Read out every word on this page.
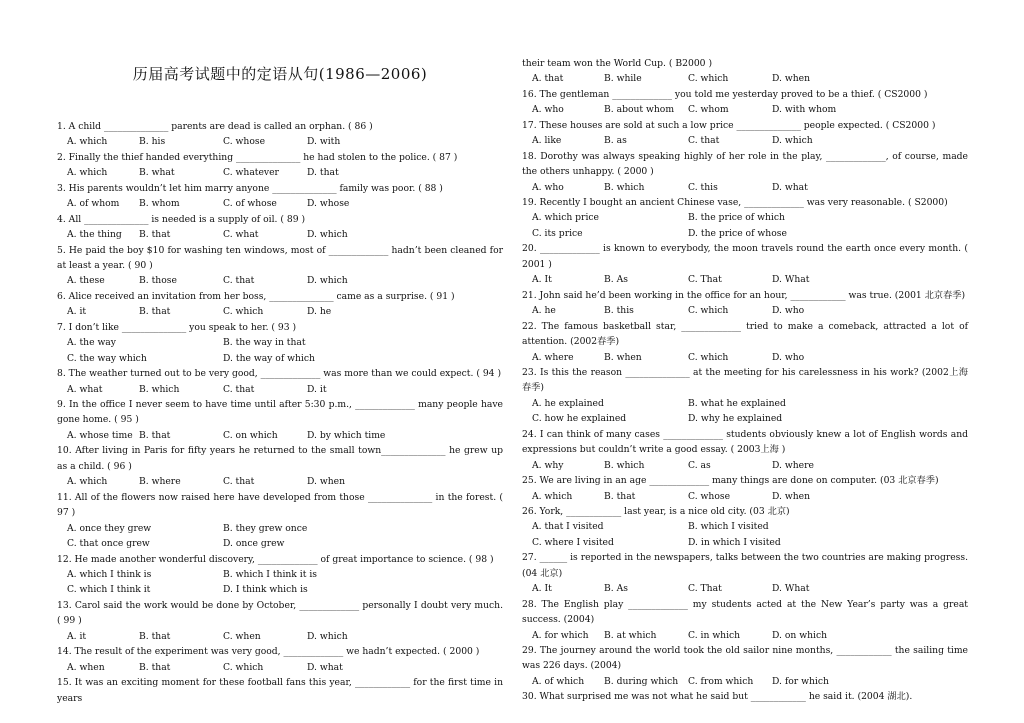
历届高考试题中的定语从句(1986—2006)
1. A child ______________ parents are dead is called an orphan. ( 86 )
A. which	B. his	C. whose	D. with
2. Finally the thief handed everything ______________ he had stolen to the police. ( 87 )
A. which	B. what	C. whatever	D. that
3. His parents wouldn’t let him marry anyone ______________ family was poor. ( 88 )
A. of whom B. whom	C. of whose	D. whose
4. All ______________ is needed is a supply of oil. ( 89 )
A. the thing B. that	C. what	D. which
5. He paid the boy $10 for washing ten windows, most of _____________ hadn’t been cleaned for at least a year. ( 90 )
A. these	B. those	C. that	D. which
6. Alice received an invitation from her boss, ______________ came as a surprise. ( 91 )
A. it	B. that	C. which	D. he
7. I don’t like ______________ you speak to her. ( 93 )
A. the way	B. the way in that
C. the way which	D. the way of which
8. The weather turned out to be very good, _____________ was more than we could expect. ( 94 )
A. what	B. which	C. that	D. it
9. In the office I never seem to have time until after 5:30 p.m., _____________ many people have gone home. ( 95 )
A. whose time B. that	C. on which	D. by which time
10. After living in Paris for fifty years he returned to the small town______________ he grew up as a child. ( 96 )
A. which	B. where	C. that	D. when
11. All of the flowers now raised here have developed from those ______________ in the forest. ( 97 )
A. once they grew	B. they grew once
C. that once grew	D. once grew
12. He made another wonderful discovery, _____________ of great importance to science. ( 98 )
A. which I think is	B. which I think it is
C. which I think it	D. I think which is
13. Carol said the work would be done by October, _____________ personally I doubt very much. ( 99 )
A. it	B. that	C. when	D. which
14. The result of the experiment was very good, _____________ we hadn’t expected. ( 2000 )
A. when	B. that	C. which	D. what
15. It was an exciting moment for these football fans this year, ____________ for the first time in years
their team won the World Cup. ( B2000 )
A. that	B. while	C. which	D. when
16. The gentleman _____________ you told me yesterday proved to be a thief. ( CS2000 )
A. who	B. about whom C. whom	D. with whom
17. These houses are sold at such a low price ______________ people expected. ( CS2000 )
A. like	B. as	C. that	D. which
18. Dorothy was always speaking highly of her role in the play, _____________, of course, made the others unhappy. ( 2000 )
A. who	B. which	C. this	D. what
19. Recently I bought an ancient Chinese vase, _____________ was very reasonable. ( S2000)
A. which price	B. the price of which
C. its price	D. the price of whose
20. _____________ is known to everybody, the moon travels round the earth once every month. ( 2001 )
A. It	B. As	C. That	D. What
21. John said he’d been working in the office for an hour, ____________ was true. (2001 北京春季)
A. he	B. this	C. which	D. who
22. The famous basketball star, _____________ tried to make a comeback, attracted a lot of attention. (2002春季)
A. where	B. when	C. which	D. who
23. Is this the reason ______________ at the meeting for his carelessness in his work? (2002上海春季)
A. he explained	B. what he explained
C. how he explained	D. why he explained
24. I can think of many cases _____________ students obviously knew a lot of English words and expressions but couldn’t write a good essay. ( 2003上海 )
A. why	B. which	C. as	D. where
25. We are living in an age _____________ many things are done on computer. (03 北京春季)
A. which	B. that	C. whose	D. when
26. York, ____________ last year, is a nice old city. (03 北京)
A. that I visited	B. which I visited
C. where I visited	D. in which I visited
27. ______ is reported in the newspapers, talks between the two countries are making progress. (04 北京)
A. It	B. As	C. That	D. What
28. The English play _____________ my students acted at the New Year’s party was a great success. (2004)
A. for which B. at which	C. in which	D. on which
29. The journey around the world took the old sailor nine months, ____________ the sailing time was 226 days. (2004)
A. of which B. during which C. from which D. for which
30. What surprised me was not what he said but ____________ he said it. (2004 湖北).
